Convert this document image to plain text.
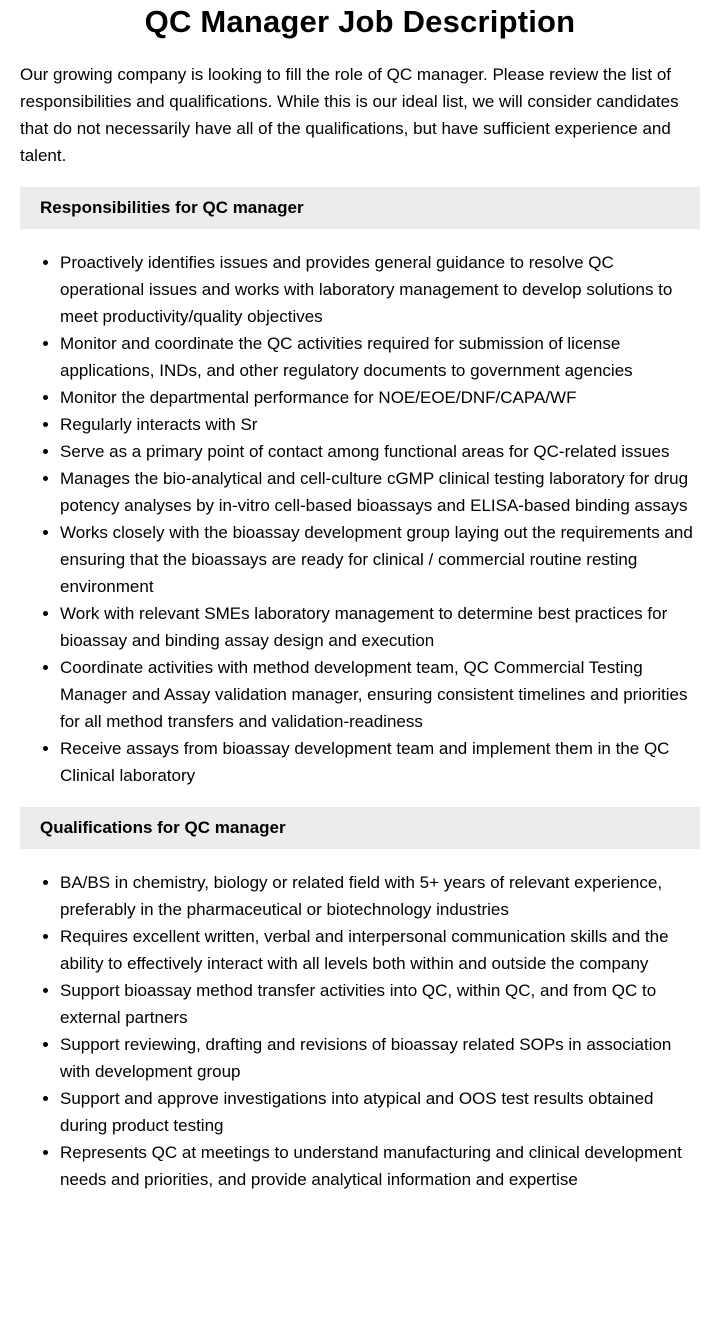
QC Manager Job Description

Our growing company is looking to fill the role of QC manager. Please review the list of responsibilities and qualifications. While this is our ideal list, we will consider candidates that do not necessarily have all of the qualifications, but have sufficient experience and talent.

Responsibilities for QC manager
• Proactively identifies issues and provides general guidance to resolve QC operational issues and works with laboratory management to develop solutions to meet productivity/quality objectives
• Monitor and coordinate the QC activities required for submission of license applications, INDs, and other regulatory documents to government agencies
• Monitor the departmental performance for NOE/EOE/DNF/CAPA/WF
• Regularly interacts with Sr
• Serve as a primary point of contact among functional areas for QC-related issues
• Manages the bio-analytical and cell-culture cGMP clinical testing laboratory for drug potency analyses by in-vitro cell-based bioassays and ELISA-based binding assays
• Works closely with the bioassay development group laying out the requirements and ensuring that the bioassays are ready for clinical / commercial routine resting environment
• Work with relevant SMEs laboratory management to determine best practices for bioassay and binding assay design and execution
• Coordinate activities with method development team, QC Commercial Testing Manager and Assay validation manager, ensuring consistent timelines and priorities for all method transfers and validation-readiness
• Receive assays from bioassay development team and implement them in the QC Clinical laboratory
Qualifications for QC manager
• BA/BS in chemistry, biology or related field with 5+ years of relevant experience, preferably in the pharmaceutical or biotechnology industries
• Requires excellent written, verbal and interpersonal communication skills and the ability to effectively interact with all levels both within and outside the company
• Support bioassay method transfer activities into QC, within QC, and from QC to external partners
• Support reviewing, drafting and revisions of bioassay related SOPs in association with development group
• Support and approve investigations into atypical and OOS test results obtained during product testing
• Represents QC at meetings to understand manufacturing and clinical development needs and priorities, and provide analytical information and expertise
